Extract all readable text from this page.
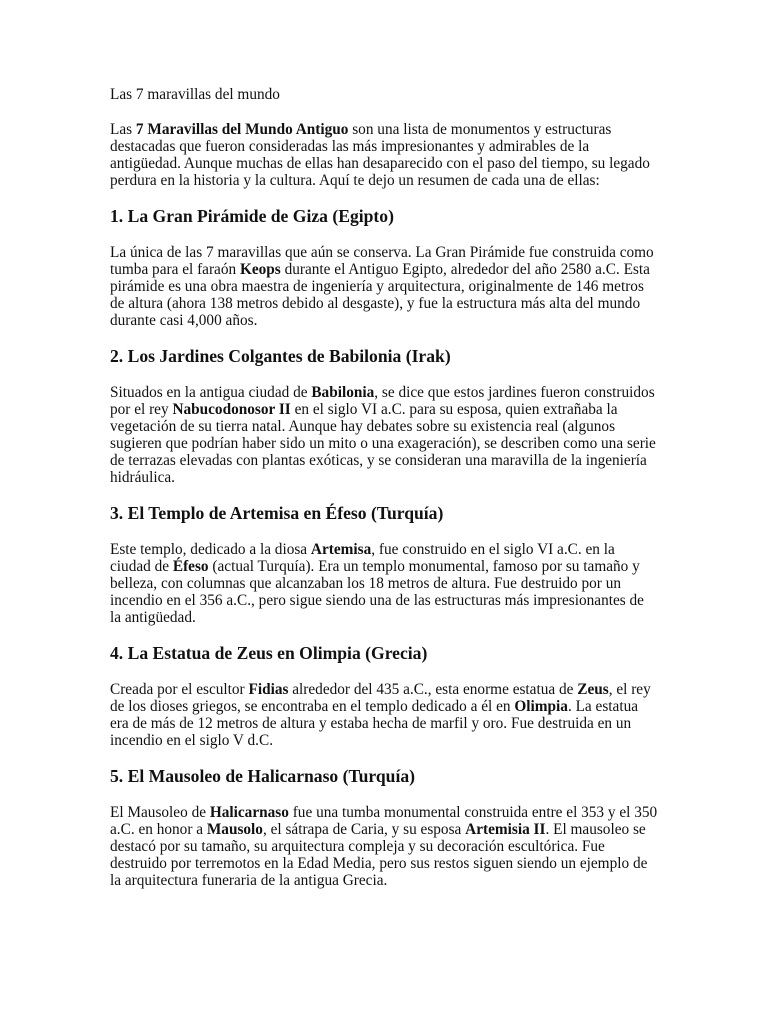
Las 7 maravillas del mundo

Las 7 Maravillas del Mundo Antiguo son una lista de monumentos y estructuras destacadas que fueron consideradas las más impresionantes y admirables de la antigüedad. Aunque muchas de ellas han desaparecido con el paso del tiempo, su legado perdura en la historia y la cultura. Aquí te dejo un resumen de cada una de ellas:

1. La Gran Pirámide de Giza (Egipto)

La única de las 7 maravillas que aún se conserva. La Gran Pirámide fue construida como tumba para el faraón Keops durante el Antiguo Egipto, alrededor del año 2580 a.C. Esta pirámide es una obra maestra de ingeniería y arquitectura, originalmente de 146 metros de altura (ahora 138 metros debido al desgaste), y fue la estructura más alta del mundo durante casi 4,000 años.

2. Los Jardines Colgantes de Babilonia (Irak)

Situados en la antigua ciudad de Babilonia, se dice que estos jardines fueron construidos por el rey Nabucodonosor II en el siglo VI a.C. para su esposa, quien extrañaba la vegetación de su tierra natal. Aunque hay debates sobre su existencia real (algunos sugieren que podrían haber sido un mito o una exageración), se describen como una serie de terrazas elevadas con plantas exóticas, y se consideran una maravilla de la ingeniería hidráulica.

3. El Templo de Artemisa en Éfeso (Turquía)

Este templo, dedicado a la diosa Artemisa, fue construido en el siglo VI a.C. en la ciudad de Éfeso (actual Turquía). Era un templo monumental, famoso por su tamaño y belleza, con columnas que alcanzaban los 18 metros de altura. Fue destruido por un incendio en el 356 a.C., pero sigue siendo una de las estructuras más impresionantes de la antigüedad.

4. La Estatua de Zeus en Olimpia (Grecia)

Creada por el escultor Fidias alrededor del 435 a.C., esta enorme estatua de Zeus, el rey de los dioses griegos, se encontraba en el templo dedicado a él en Olimpia. La estatua era de más de 12 metros de altura y estaba hecha de marfil y oro. Fue destruida en un incendio en el siglo V d.C.

5. El Mausoleo de Halicarnaso (Turquía)

El Mausoleo de Halicarnaso fue una tumba monumental construida entre el 353 y el 350 a.C. en honor a Mausolo, el sátrapa de Caria, y su esposa Artemisia II. El mausoleo se destacó por su tamaño, su arquitectura compleja y su decoración escultórica. Fue destruido por terremotos en la Edad Media, pero sus restos siguen siendo un ejemplo de la arquitectura funeraria de la antigua Grecia.
